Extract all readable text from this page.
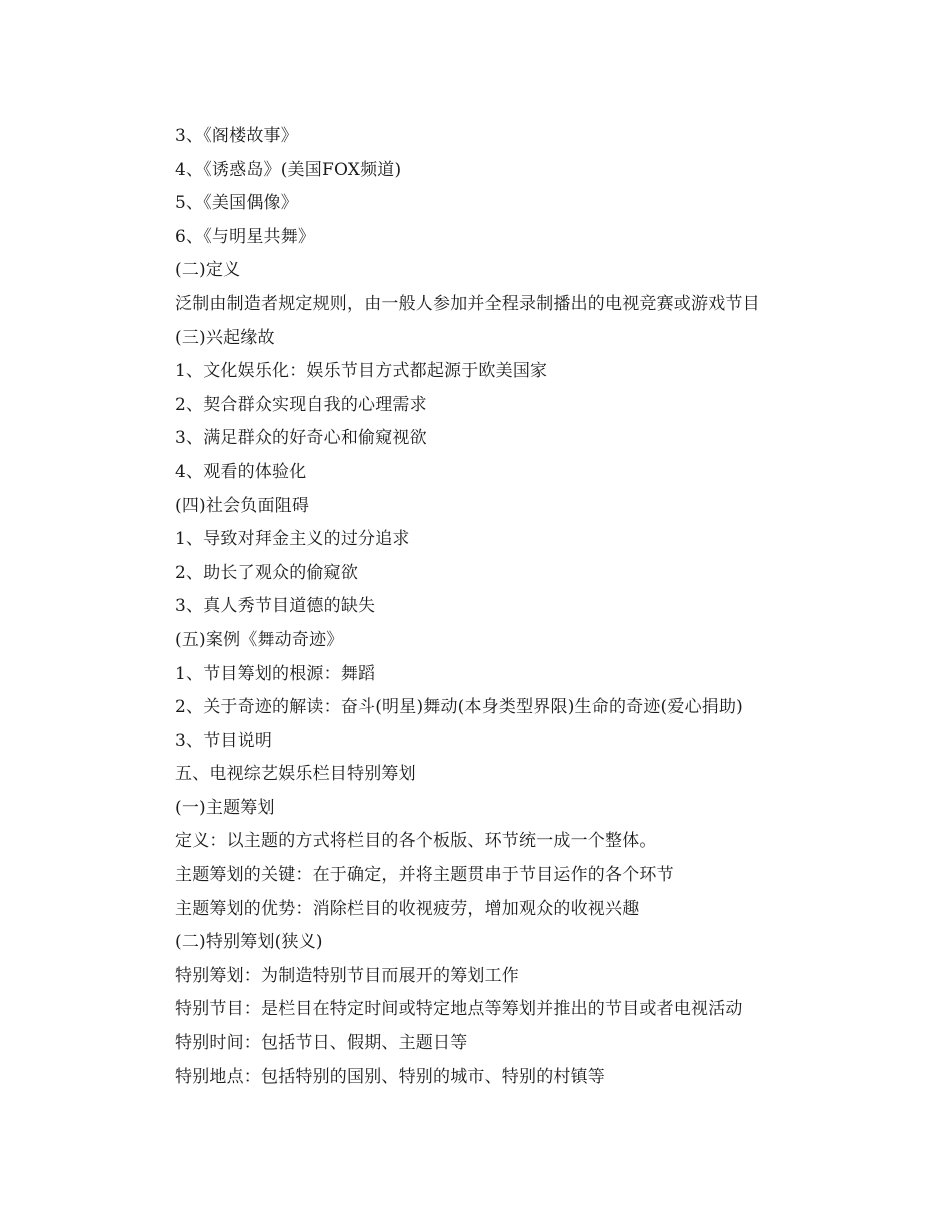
3、《阁楼故事》
4、《诱惑岛》(美国FOX频道)
5、《美国偶像》
6、《与明星共舞》
(二)定义
泛制由制造者规定规则，由一般人参加并全程录制播出的电视竞赛或游戏节目
(三)兴起缘故
1、文化娱乐化：娱乐节目方式都起源于欧美国家
2、契合群众实现自我的心理需求
3、满足群众的好奇心和偷窥视欲
4、观看的体验化
(四)社会负面阻碍
1、导致对拜金主义的过分追求
2、助长了观众的偷窥欲
3、真人秀节目道德的缺失
(五)案例《舞动奇迹》
1、节目筹划的根源：舞蹈
2、关于奇迹的解读：奋斗(明星)舞动(本身类型界限)生命的奇迹(爱心捐助)
3、节目说明
五、电视综艺娱乐栏目特别筹划
(一)主题筹划
定义：以主题的方式将栏目的各个板版、环节统一成一个整体。
主题筹划的关键：在于确定，并将主题贯串于节目运作的各个环节
主题筹划的优势：消除栏目的收视疲劳，增加观众的收视兴趣
(二)特别筹划(狭义)
特别筹划：为制造特别节目而展开的筹划工作
特别节目：是栏目在特定时间或特定地点等筹划并推出的节目或者电视活动
特别时间：包括节日、假期、主题日等
特别地点：包括特别的国别、特别的城市、特别的村镇等
